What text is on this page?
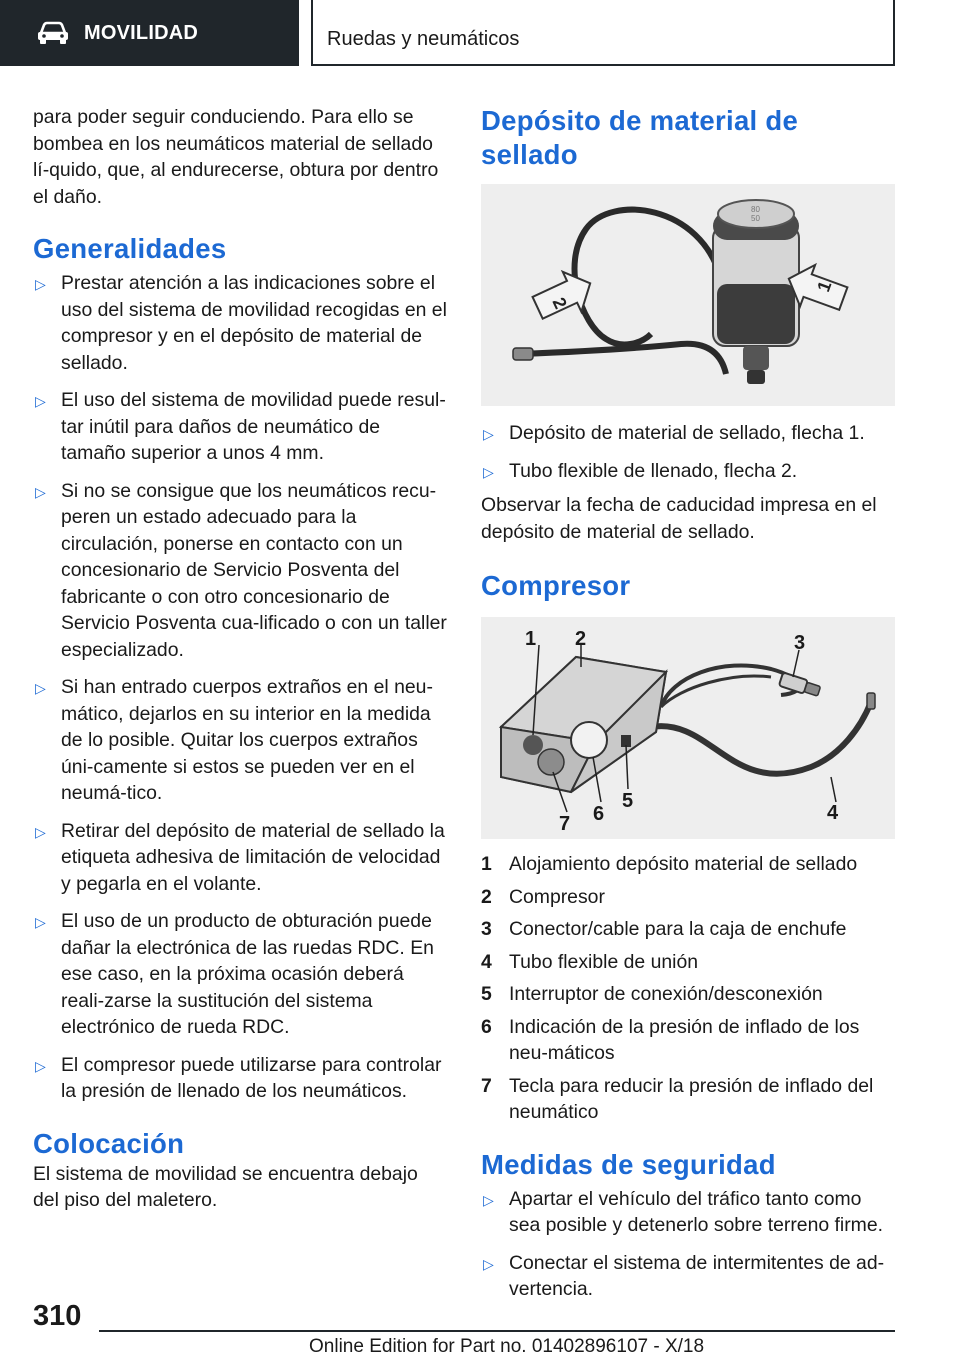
MOVILIDAD	Ruedas y neumáticos

para poder seguir conduciendo. Para ello se bombea en los neumáticos material de sellado lí-quido, que, al endurecerse, obtura por dentro el daño.

Generalidades
▷ Prestar atención a las indicaciones sobre el uso del sistema de movilidad recogidas en el compresor y en el depósito de material de sellado.
▷ El uso del sistema de movilidad puede resul-tar inútil para daños de neumático de tamaño superior a unos 4 mm.
▷ Si no se consigue que los neumáticos recu-peren un estado adecuado para la circulación, ponerse en contacto con un concesionario de Servicio Posventa del fabricante o con otro concesionario de Servicio Posventa cua-lificado o con un taller especializado.
▷ Si han entrado cuerpos extraños en el neu-mático, dejarlos en su interior en la medida de lo posible. Quitar los cuerpos extraños úni-camente si estos se pueden ver en el neumá-tico.
▷ Retirar del depósito de material de sellado la etiqueta adhesiva de limitación de velocidad y pegarla en el volante.
▷ El uso de un producto de obturación puede dañar la electrónica de las ruedas RDC. En ese caso, en la próxima ocasión deberá reali-zarse la sustitución del sistema electrónico de rueda RDC.
▷ El compresor puede utilizarse para controlar la presión de llenado de los neumáticos.
Colocación

El sistema de movilidad se encuentra debajo del piso del maletero.

Depósito de material de sellado
80
50
2
1
▷ Depósito de material de sellado, flecha 1.
▷ Tubo flexible de llenado, flecha 2.

Observar la fecha de caducidad impresa en el depósito de material de sellado.

Compresor
1 2	3
4
5
6
7
1 Alojamiento depósito material de sellado
2 Compresor
3 Conector/cable para la caja de enchufe
4 Tubo flexible de unión
5 Interruptor de conexión/desconexión
6 Indicación de la presión de inflado de los neu-máticos
7 Tecla para reducir la presión de inflado del neumático
Medidas de seguridad
▷ Apartar el vehículo del tráfico tanto como sea posible y detenerlo sobre terreno firme.
▷ Conectar el sistema de intermitentes de ad-vertencia.
310
Online Edition for Part no. 01402896107 - X/18
